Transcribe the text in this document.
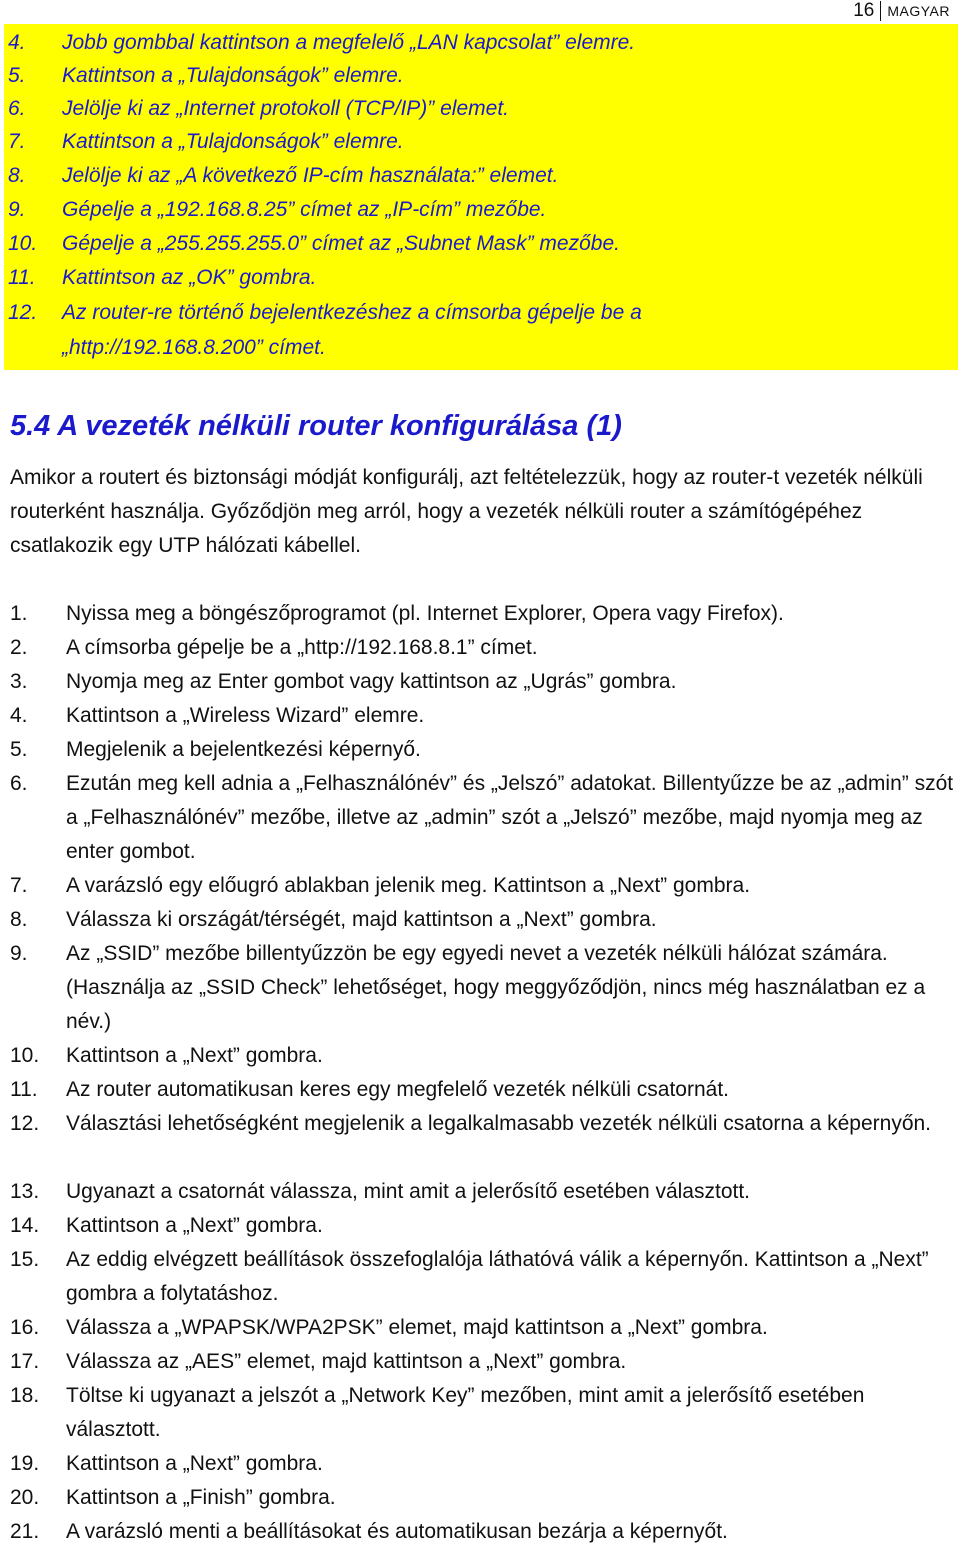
16 MAGYAR
4. Jobb gombbal kattintson a megfelelő „LAN kapcsolat” elemre.
5. Kattintson a „Tulajdonságok” elemre.
6. Jelölje ki az „Internet protokoll (TCP/IP)” elemet.
7. Kattintson a „Tulajdonságok” elemre.
8. Jelölje ki az „A következő IP-cím használata:” elemet.
9. Gépelje a „192.168.8.25” címet az „IP-cím” mezőbe.
10. Gépelje a „255.255.255.0” címet az „Subnet Mask” mezőbe.
11. Kattintson az „OK” gombra.
12. Az router-re történő bejelentkezéshez a címsorba gépelje be a
„http://192.168.8.200” címet.
5.4 A vezeték nélküli router konfigurálása (1)

Amikor a routert és biztonsági módját konfigurálj, azt feltételezzük, hogy az router-t vezeték nélküli routerként használja. Győződjön meg arról, hogy a vezeték nélküli router a számítógépéhez csatlakozik egy UTP hálózati kábellel.

1. Nyissa meg a böngészőprogramot (pl. Internet Explorer, Opera vagy Firefox).
2. A címsorba gépelje be a „http://192.168.8.1” címet.
3. Nyomja meg az Enter gombot vagy kattintson az „Ugrás” gombra.
4. Kattintson a „Wireless Wizard” elemre.
5. Megjelenik a bejelentkezési képernyő.
6. Ezután meg kell adnia a „Felhasználónév” és „Jelszó” adatokat. Billentyűzze be az „admin” szót a „Felhasználónév” mezőbe, illetve az „admin” szót a „Jelszó” mezőbe, majd nyomja meg az enter gombot.
7. A varázsló egy előugró ablakban jelenik meg. Kattintson a „Next” gombra.
8. Válassza ki országát/térségét, majd kattintson a „Next” gombra.
9. Az „SSID” mezőbe billentyűzzön be egy egyedi nevet a vezeték nélküli hálózat számára. (Használja az „SSID Check” lehetőséget, hogy meggyőződjön, nincs még használatban ez a név.)
10. Kattintson a „Next” gombra.
11. Az router automatikusan keres egy megfelelő vezeték nélküli csatornát.
12. Választási lehetőségként megjelenik a legalkalmasabb vezeték nélküli csatorna a képernyőn.
13. Ugyanazt a csatornát válassza, mint amit a jelerősítő esetében választott.
14. Kattintson a „Next” gombra.
15. Az eddig elvégzett beállítások összefoglalója láthatóvá válik a képernyőn. Kattintson a „Next” gombra a folytatáshoz.
16. Válassza a „WPAPSK/WPA2PSK” elemet, majd kattintson a „Next” gombra.
17. Válassza az „AES” elemet, majd kattintson a „Next” gombra.
18. Töltse ki ugyanazt a jelszót a „Network Key” mezőben, mint amit a jelerősítő esetében választott.
19. Kattintson a „Next” gombra.
20. Kattintson a „Finish” gombra.
21. A varázsló menti a beállításokat és automatikusan bezárja a képernyőt.
